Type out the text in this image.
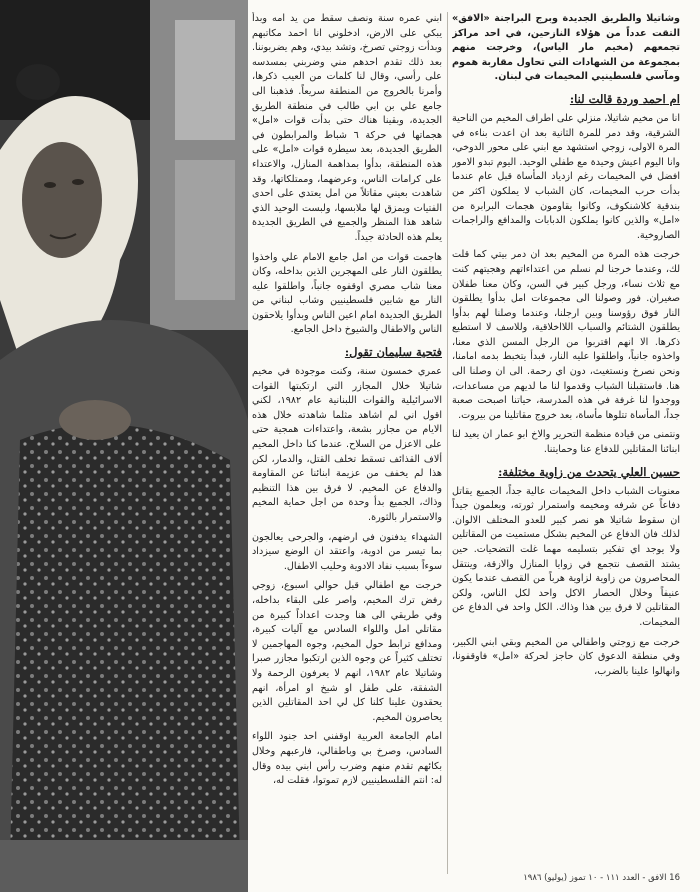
ابني عمره سنة ونصف سقط من يد امه وبدأ يبكي على الارض، ادخلوني انا احمد مكاتبهم وبدأت زوجتي تصرخ، وتشد بيدي، وهم يضربوننا. بعد ذلك تقدم احدهم مني وضربني بمسدسه على رأسي، وقال لنا كلمات من العيب ذكرها، وأمرنا بالخروج من المنطقة سريعاً. فذهبنا الى جامع علي بن ابي طالب في منطقة الطريق الجديدة، وبقينا هناك حتى بدأت قوات «امل» هجماتها في حركة ٦ شباط والمرابطون في الطريق الجديدة، بعد سيطرة قوات «امل» على هذه المنطقة، بدأوا بمداهمة المنازل، والاعتداء على كرامات الناس، وعرضهما، وممتلكاتها، وقد شاهدت بعيني مقاتلاً من امل يعتدي على احدى الفتيات ويمزق لها ملابسها، ولبست الوحيد الذي شاهد هذا المنظر والجميع في الطريق الجديدة يعلم هذه الحادثة جيداً.

هاجمت قوات من امل جامع الامام علي واخذوا يطلقون النار على المهجرين الذين بداخله، وكان معنا شاب مصري اوقفوه جانباً، واطلقوا عليه النار مع شابين فلسطينيين وشاب لبناني من الطريق الجديدة امام اعين الناس وبدأوا يلاحقون الناس والاطفال والشيوخ داخل الجامع.

فتحية سليمان تقول:

عمري خمسون سنة، وكنت موجودة في مخيم شاتيلا خلال المجازر التي ارتكبتها القوات الاسرائيلية والقوات اللبنانية عام ١٩٨٢، لكني اقول اني لم اشاهد مثلما شاهدته خلال هذه الايام من مجازر بشعة، واعتداءات همجية حتى على الاعزل من السلاح. عندما كنا داخل المخيم ألاف القذائف تسقط تخلف القتل، والدمار، لكن هذا لم يخفف من عزيمة ابنائنا عن المقاومة والدفاع عن المخيم. لا فرق بين هذا التنظيم وذاك، الجميع بدأ وحدة من اجل حماية المخيم والاستمرار بالثورة.

الشهداء يدفنون في ارضهم، والجرحى يعالجون بما تيسر من ادوية، واعتقد ان الوضع سيزداد سوءاً بسبب نفاد الادوية وحليب الاطفال.

خرجت مع اطفالي قبل حوالي اسبوع، زوجي رفض ترك المخيم، واصر على البقاء بداخله، وفي طريقي الى هنا وجدت اعداداً كبيرة من مقاتلي امل واللواء السادس مع آليات كبيرة، ومدافع ترابط حول المخيم، وجوه المهاجمين لا تختلف كثيراً عن وجوه الذين ارتكبوا مجازر صبرا وشاتيلا عام ١٩٨٢، انهم لا يعرفون الرحمة ولا الشفقة، على طفل او شيخ او امرأة، انهم يحقدون علينا كلنا كل لي احد المقاتلين الذين يحاصرون المخيم.

امام الجامعة العربية اوقفني احد جنود اللواء السادس، وصرخ بي وباطفالي، فارعبهم وخلال بكائهم تقدم منهم وضرب رأس ابني بيده وقال له: انتم الفلسطينيين لازم تموتوا، فقلت له،

وشاتيلا والطريق الجديدة وبرج البراجنة «الافق» التقت عدداً من هؤلاء النازحين، في احد مراكز تجمعهم (مخيم مار الياس)، وخرجت منهم بمجموعة من الشهادات التي تحاول مقاربة هموم ومآسي فلسطينيي المخيمات في لبنان.

ام احمد وردة قالت لنا:

انا من مخيم شاتيلا، منزلي على اطراف المخيم من الناحية الشرقية، وقد دمر للمرة الثانية بعد ان اعدت بناءه في المرة الاولى، زوجي استشهد مع ابني على محور الدوخي، وانا اليوم اعيش وحيدة مع طفلي الوحيد. اليوم تبدو الامور افضل في المخيمات رغم ازدياد المأساة قبل عام عندما بدأت حرب المخيمات، كان الشباب لا يملكون اكثر من بندقية كلاشنكوف، وكانوا يقاومون هجمات البرابرة من «امل» والذين كانوا يملكون الدبابات والمدافع والراجمات الصاروخية.

خرجت هذه المرة من المخيم بعد ان دمر بيتي كما قلت لك، وعندما خرجنا لم نسلم من اعتداءاتهم وهجيتهم كنت مع ثلاث نساء، ورجل كبير في السن، وكان معنا طفلان صغيران. فور وصولنا الى مجموعات امل بدأوا يطلقون النار فوق رؤوسنا وبين ارجلنا، وعندما وصلنا لهم بدأوا يطلقون الشتائم والسباب اللااخلاقية، وللاسف لا استطيع ذكرها. الا انهم اقتربوا من الرجل المسن الذي معنا، واخذوه جانباً، واطلقوا عليه النار، فبدأ يتخبط بدمه امامنا، ونحن نصرخ ونستغيث، دون اي رحمة. الى ان وصلنا الى هنا. فاستقبلنا الشباب وقدموا لنا ما لديهم من مساعدات، ووجدوا لنا غرفة في هذه المدرسة، حياتنا اصبحت صعبة جداً، المأساة تتلوها مأساة، بعد خروج مقاتلينا من بيروت.

ونتمنى من قيادة منظمة التحرير والاخ ابو عمار ان يعيد لنا ابنائنا المقاتلين للدفاع عنا وحمايتنا.

حسين العلي يتحدث من زاوية مختلفة:

معنويات الشباب داخل المخيمات عالية جداً، الجميع يقاتل دفاعاً عن شرفه ومخيمه واستمرار ثورته، ويعلمون جيداً ان سقوط شاتيلا هو نصر كبير للعدو المختلف الالوان. لذلك فان الدفاع عن المخيم بشكل مستميت من المقاتلين ولا يوجد اي تفكير بتسليمه مهما غلت التضحيات. حين يشتد القصف نتجمع في زوايا المنازل والازقة، وينتقل المحاصرون من زاوية لزاوية هرباً من القصف عندما يكون عنيفاً وخلال الحصار الاكل واحد لكل الناس، ولكن المقاتلين لا فرق بين هذا وذاك. الكل واحد في الدفاع عن المخيمات.

خرجت مع زوجتي واطفالي من المخيم وبقي ابني الكبير، وفي منطقة الدعوق كان حاجز لحركة «امل» فاوقفونا، وانهالوا علينا بالضرب،

16 الافق - العدد ١١١ - ١٠ تموز (يوليو) ١٩٨٦
